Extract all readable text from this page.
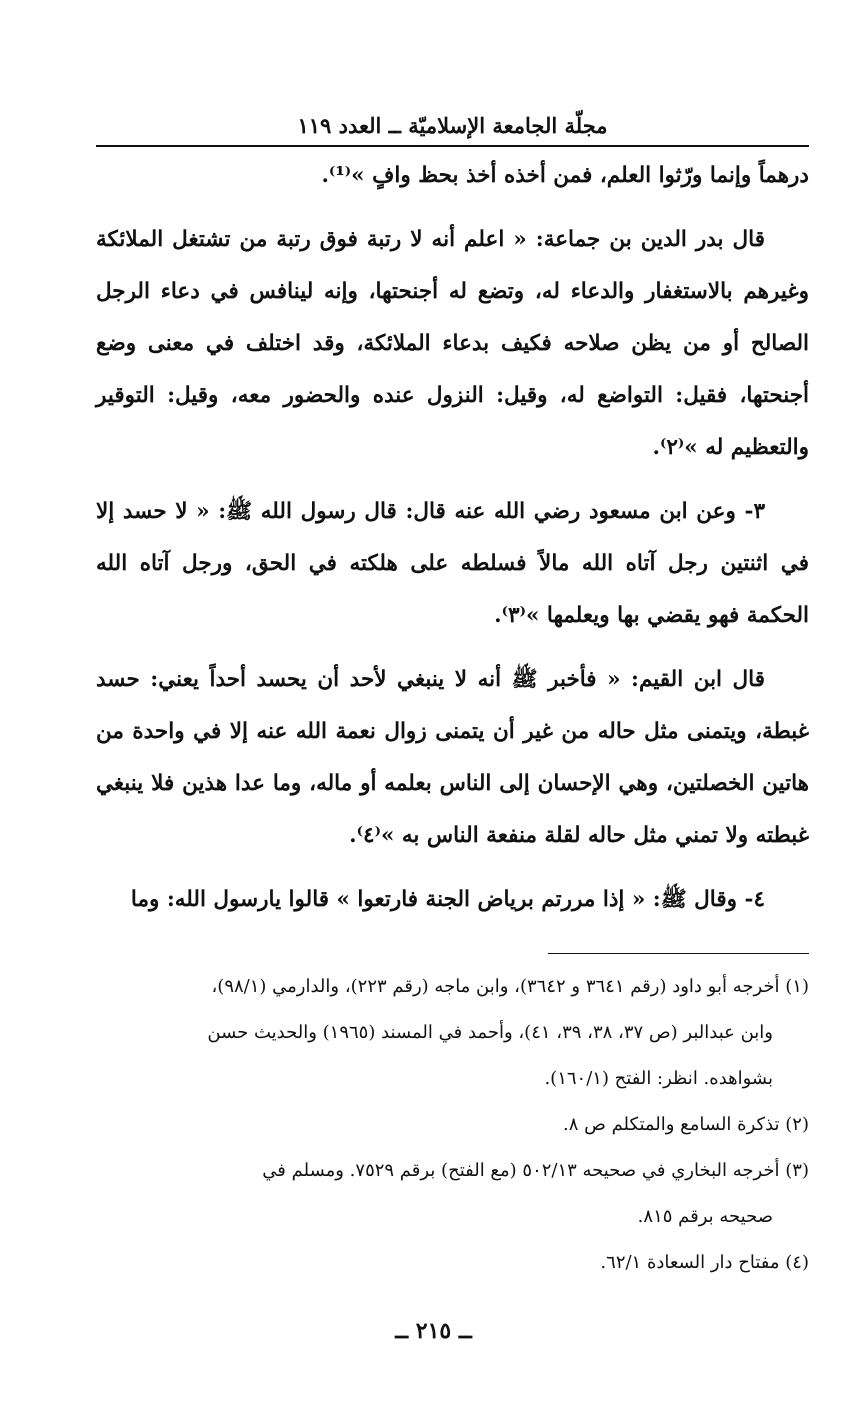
مجلّة الجامعة الإسلاميّة ــ العدد ١١٩

درهماً وإنما ورّثوا العلم، فمن أخذه أخذ بحظ وافٍ »⁽¹⁾.

قال بدر الدين بن جماعة: « اعلم أنه لا رتبة فوق رتبة من تشتغل الملائكة وغيرهم بالاستغفار والدعاء له، وتضع له أجنحتها، وإنه لينافس في دعاء الرجل الصالح أو من يظن صلاحه فكيف بدعاء الملائكة، وقد اختلف في معنى وضع أجنحتها، فقيل: التواضع له، وقيل: النزول عنده والحضور معه، وقيل: التوقير والتعظيم له »⁽٢⁾.

٣- وعن ابن مسعود رضي الله عنه قال: قال رسول الله ﷺ: « لا حسد إلا في اثنتين رجل آتاه الله مالاً فسلطه على هلكته في الحق، ورجل آتاه الله الحكمة فهو يقضي بها ويعلمها »⁽٣⁾.

قال ابن القيم: « فأخبر ﷺ أنه لا ينبغي لأحد أن يحسد أحداً يعني: حسد غبطة، ويتمنى مثل حاله من غير أن يتمنى زوال نعمة الله عنه إلا في واحدة من هاتين الخصلتين، وهي الإحسان إلى الناس بعلمه أو ماله، وما عدا هذين فلا ينبغي غبطته ولا تمني مثل حاله لقلة منفعة الناس به »⁽٤⁾.

٤- وقال ﷺ: « إذا مررتم برياض الجنة فارتعوا » قالوا يارسول الله: وما

(١) أخرجه أبو داود (رقم ٣٦٤١ و ٣٦٤٢)، وابن ماجه (رقم ٢٢٣)، والدارمي (٩٨/١)،

وابن عبدالبر (ص ٣٧، ٣٨، ٣٩، ٤١)، وأحمد في المسند (١٩٦٥) والحديث حسن

بشواهده. انظر: الفتح (١٦٠/١).

(٢) تذكرة السامع والمتكلم ص ٨.

(٣) أخرجه البخاري في صحيحه ٥٠٢/١٣ (مع الفتح) برقم ٧٥٢٩. ومسلم في

صحيحه برقم ٨١٥.

(٤) مفتاح دار السعادة ٦٢/١.

ــ ٢١٥ ــ
